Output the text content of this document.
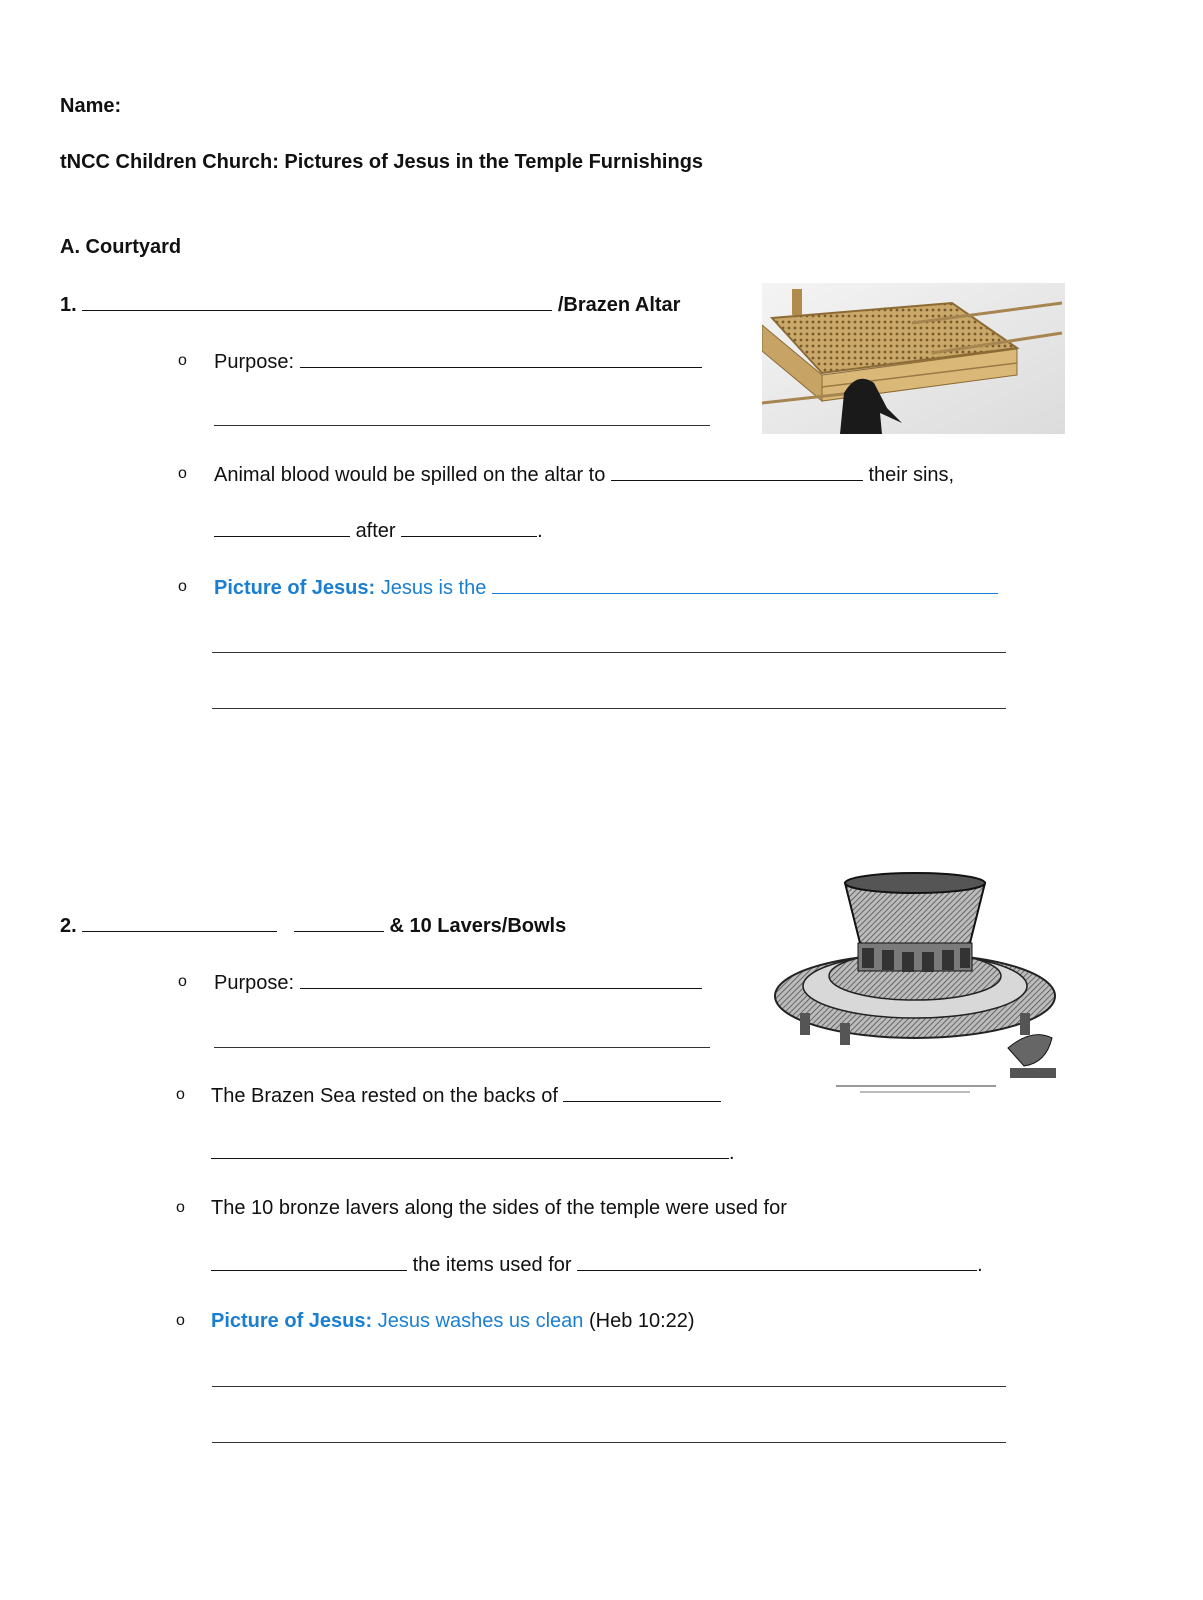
Name:
tNCC Children Church: Pictures of Jesus in the Temple Furnishings
A. Courtyard
1.	/Brazen Altar
o Purpose:
o Animal blood would be spilled on the altar to	their sins,
after	.
o Picture of Jesus: Jesus is the
2.	& 10 Lavers/Bowls
o Purpose:
o The Brazen Sea rested on the backs of
.
o The 10 bronze lavers along the sides of the temple were used for
the items used for	.
o Picture of Jesus: Jesus washes us clean (Heb 10:22)
